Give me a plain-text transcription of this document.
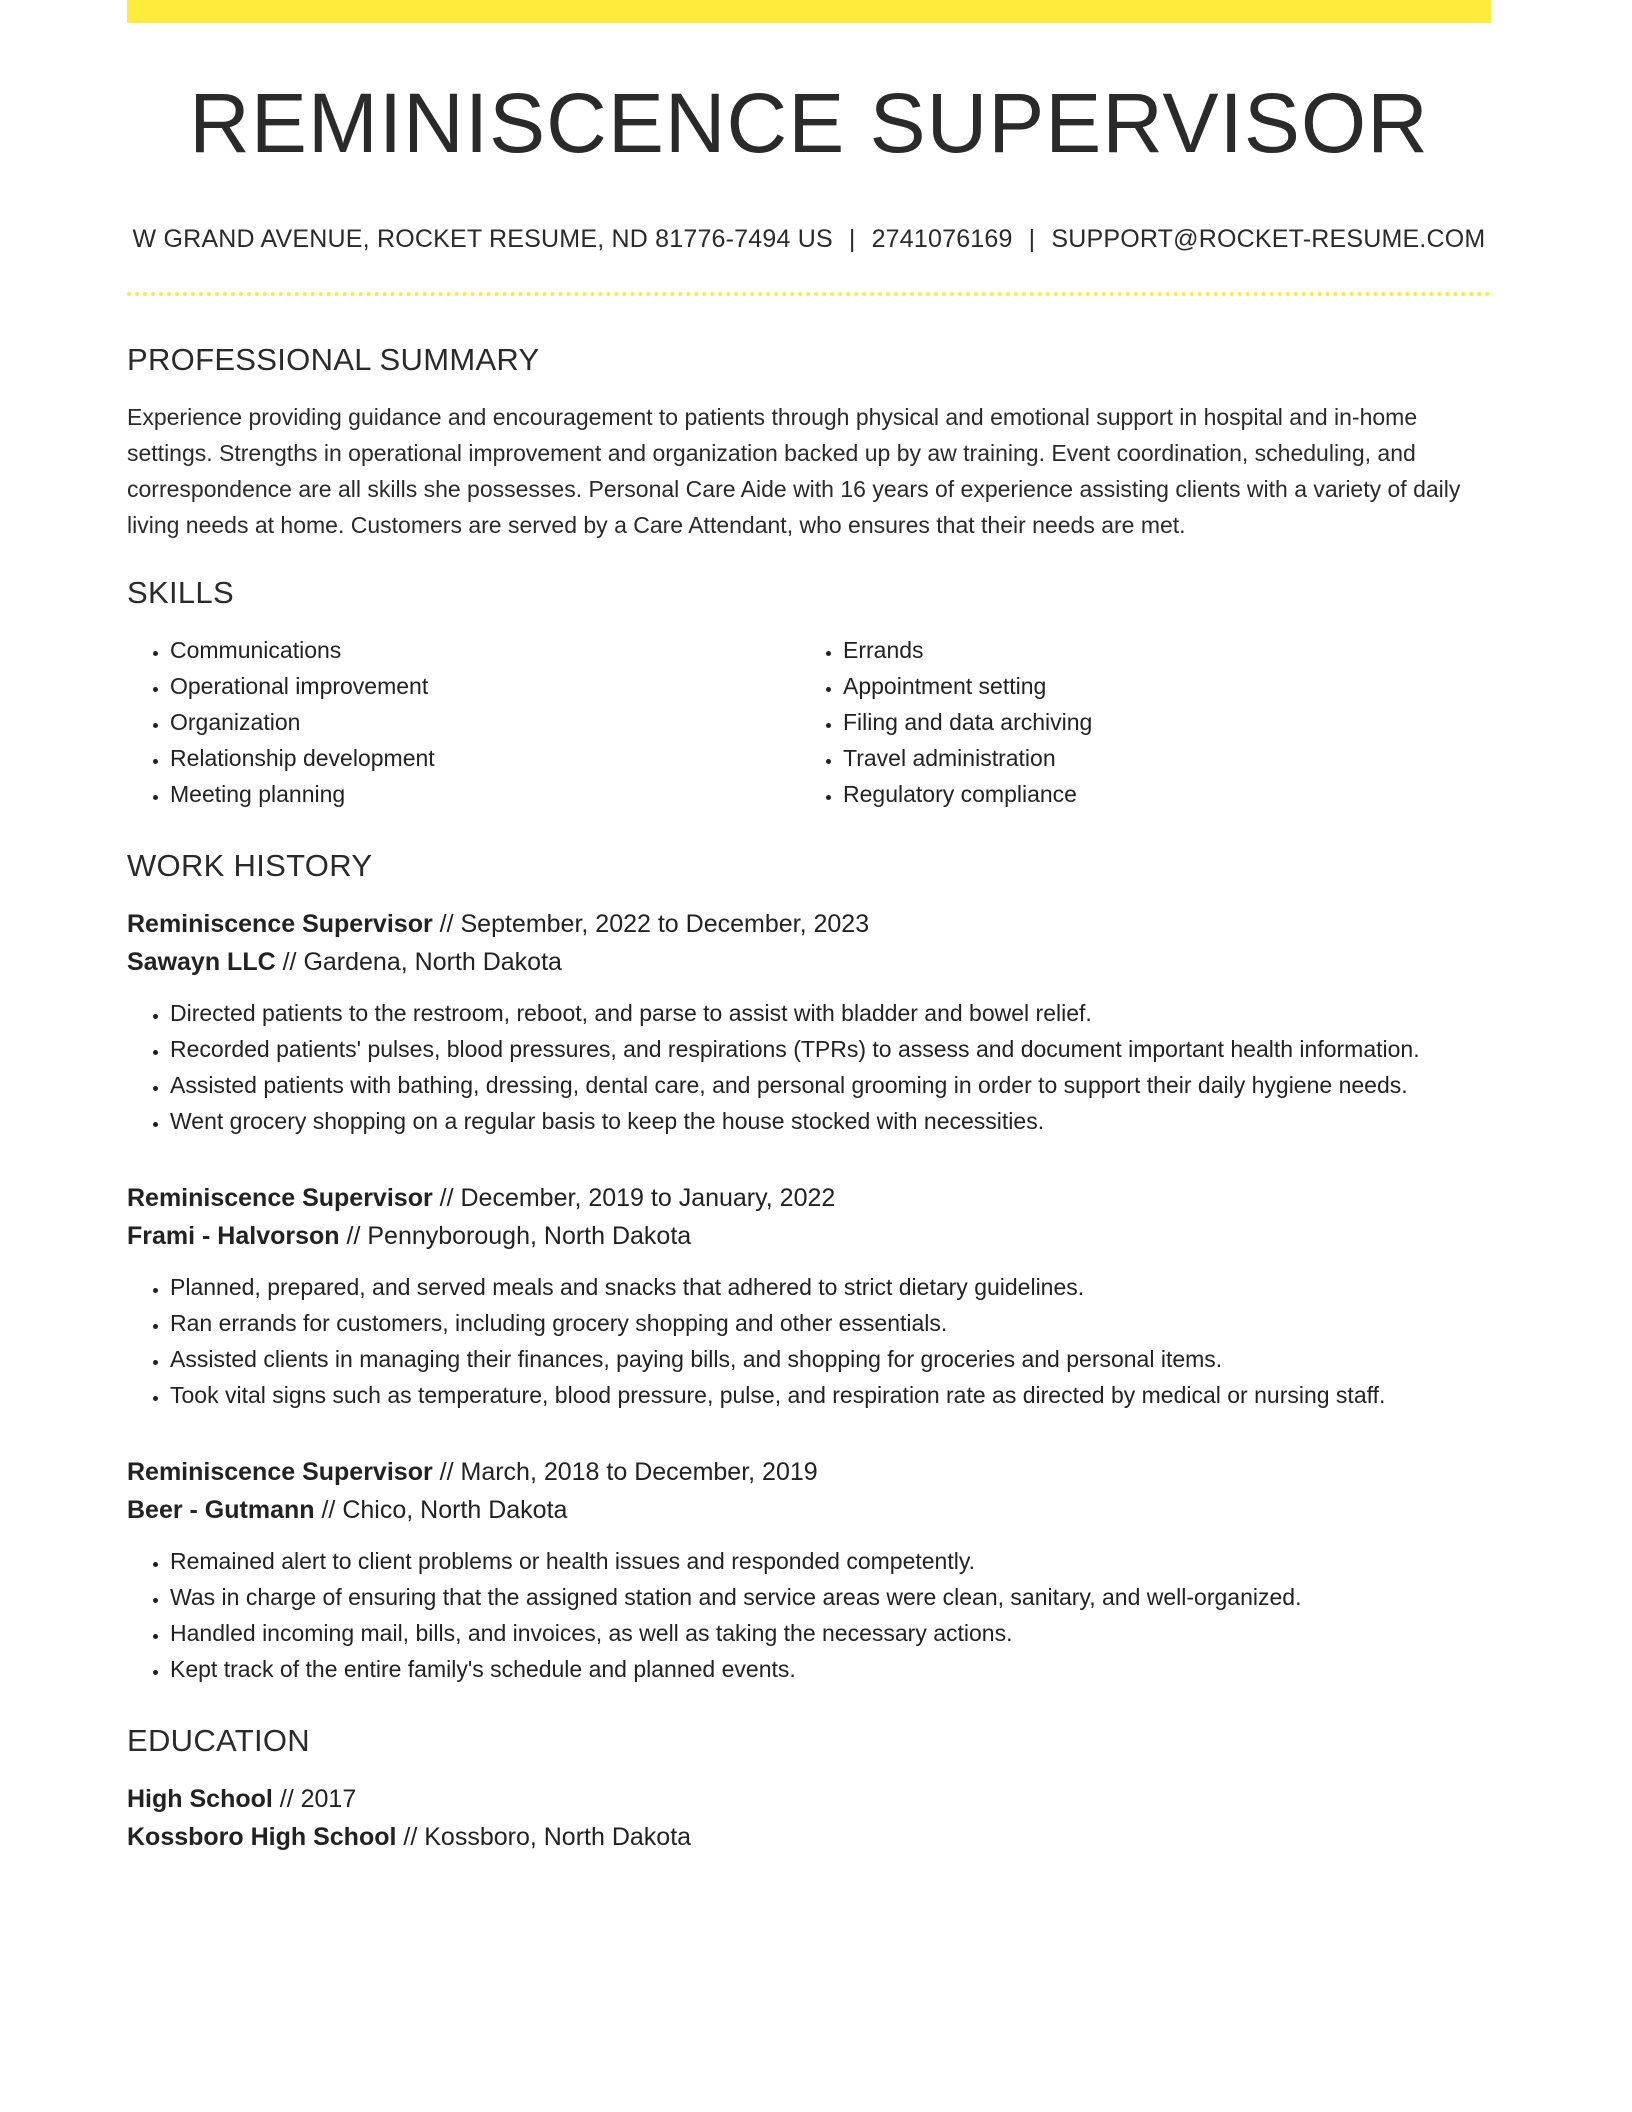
REMINISCENCE SUPERVISOR
W GRAND AVENUE, ROCKET RESUME, ND 81776-7494 US | 2741076169 | SUPPORT@ROCKET-RESUME.COM
PROFESSIONAL SUMMARY
Experience providing guidance and encouragement to patients through physical and emotional support in hospital and in-home settings. Strengths in operational improvement and organization backed up by aw training. Event coordination, scheduling, and correspondence are all skills she possesses. Personal Care Aide with 16 years of experience assisting clients with a variety of daily living needs at home. Customers are served by a Care Attendant, who ensures that their needs are met.
SKILLS
• Communications
• Operational improvement
• Organization
• Relationship development
• Meeting planning
• Errands
• Appointment setting
• Filing and data archiving
• Travel administration
• Regulatory compliance
WORK HISTORY
Reminiscence Supervisor // September, 2022 to December, 2023
Sawayn LLC // Gardena, North Dakota
• Directed patients to the restroom, reboot, and parse to assist with bladder and bowel relief.
• Recorded patients' pulses, blood pressures, and respirations (TPRs) to assess and document important health information.
• Assisted patients with bathing, dressing, dental care, and personal grooming in order to support their daily hygiene needs.
• Went grocery shopping on a regular basis to keep the house stocked with necessities.
Reminiscence Supervisor // December, 2019 to January, 2022
Frami - Halvorson // Pennyborough, North Dakota
• Planned, prepared, and served meals and snacks that adhered to strict dietary guidelines.
• Ran errands for customers, including grocery shopping and other essentials.
• Assisted clients in managing their finances, paying bills, and shopping for groceries and personal items.
• Took vital signs such as temperature, blood pressure, pulse, and respiration rate as directed by medical or nursing staff.
Reminiscence Supervisor // March, 2018 to December, 2019
Beer - Gutmann // Chico, North Dakota
• Remained alert to client problems or health issues and responded competently.
• Was in charge of ensuring that the assigned station and service areas were clean, sanitary, and well-organized.
• Handled incoming mail, bills, and invoices, as well as taking the necessary actions.
• Kept track of the entire family's schedule and planned events.
EDUCATION
High School // 2017
Kossboro High School // Kossboro, North Dakota
